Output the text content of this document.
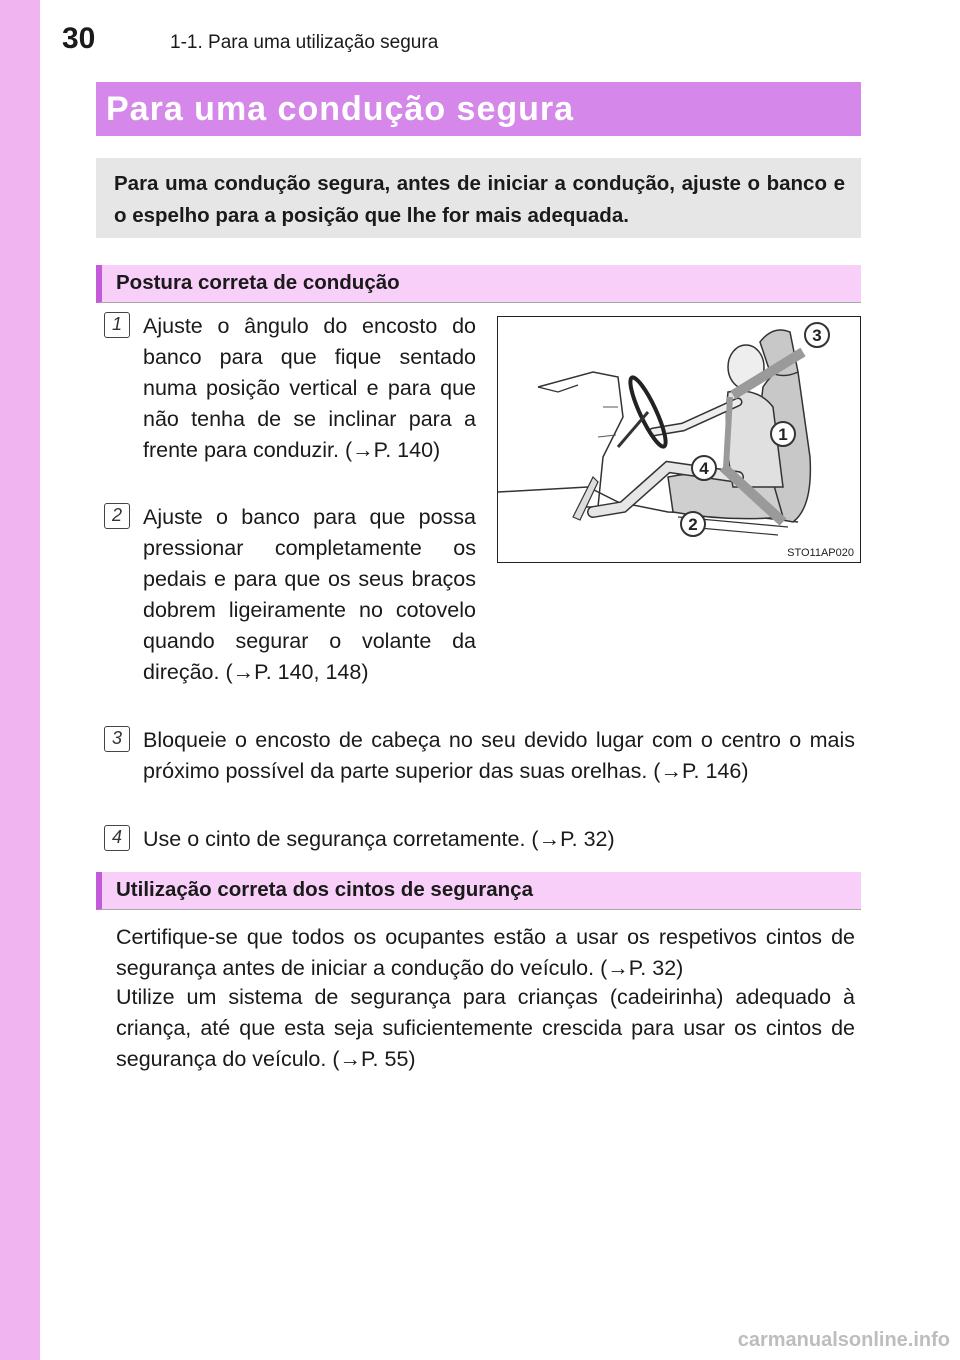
30	1-1. Para uma utilização segura
Para uma condução segura

Para uma condução segura, antes de iniciar a condução, ajuste o banco e o espelho para a posição que lhe for mais adequada.

Postura correta de condução
1 Ajuste o ângulo do encosto do banco para que fique sentado numa posição vertical e para que não tenha de se inclinar para a frente para conduzir. (→P. 140)
2 Ajuste o banco para que possa pressionar completamente os pedais e para que os seus braços dobrem ligeiramente no cotovelo quando segurar o volante da direção. (→P. 140, 148)
3 Bloqueie o encosto de cabeça no seu devido lugar com o centro o mais próximo possível da parte superior das suas orelhas. (→P. 146)
4 Use o cinto de segurança corretamente. (→P. 32)
3
1
4
2
STO11AP020
Utilização correta dos cintos de segurança
Certifique-se que todos os ocupantes estão a usar os respetivos cintos de segurança antes de iniciar a condução do veículo. (→P. 32)
Utilize um sistema de segurança para crianças (cadeirinha) adequado à criança, até que esta seja suficientemente crescida para usar os cintos de segurança do veículo. (→P. 55)
carmanualsonline.info
